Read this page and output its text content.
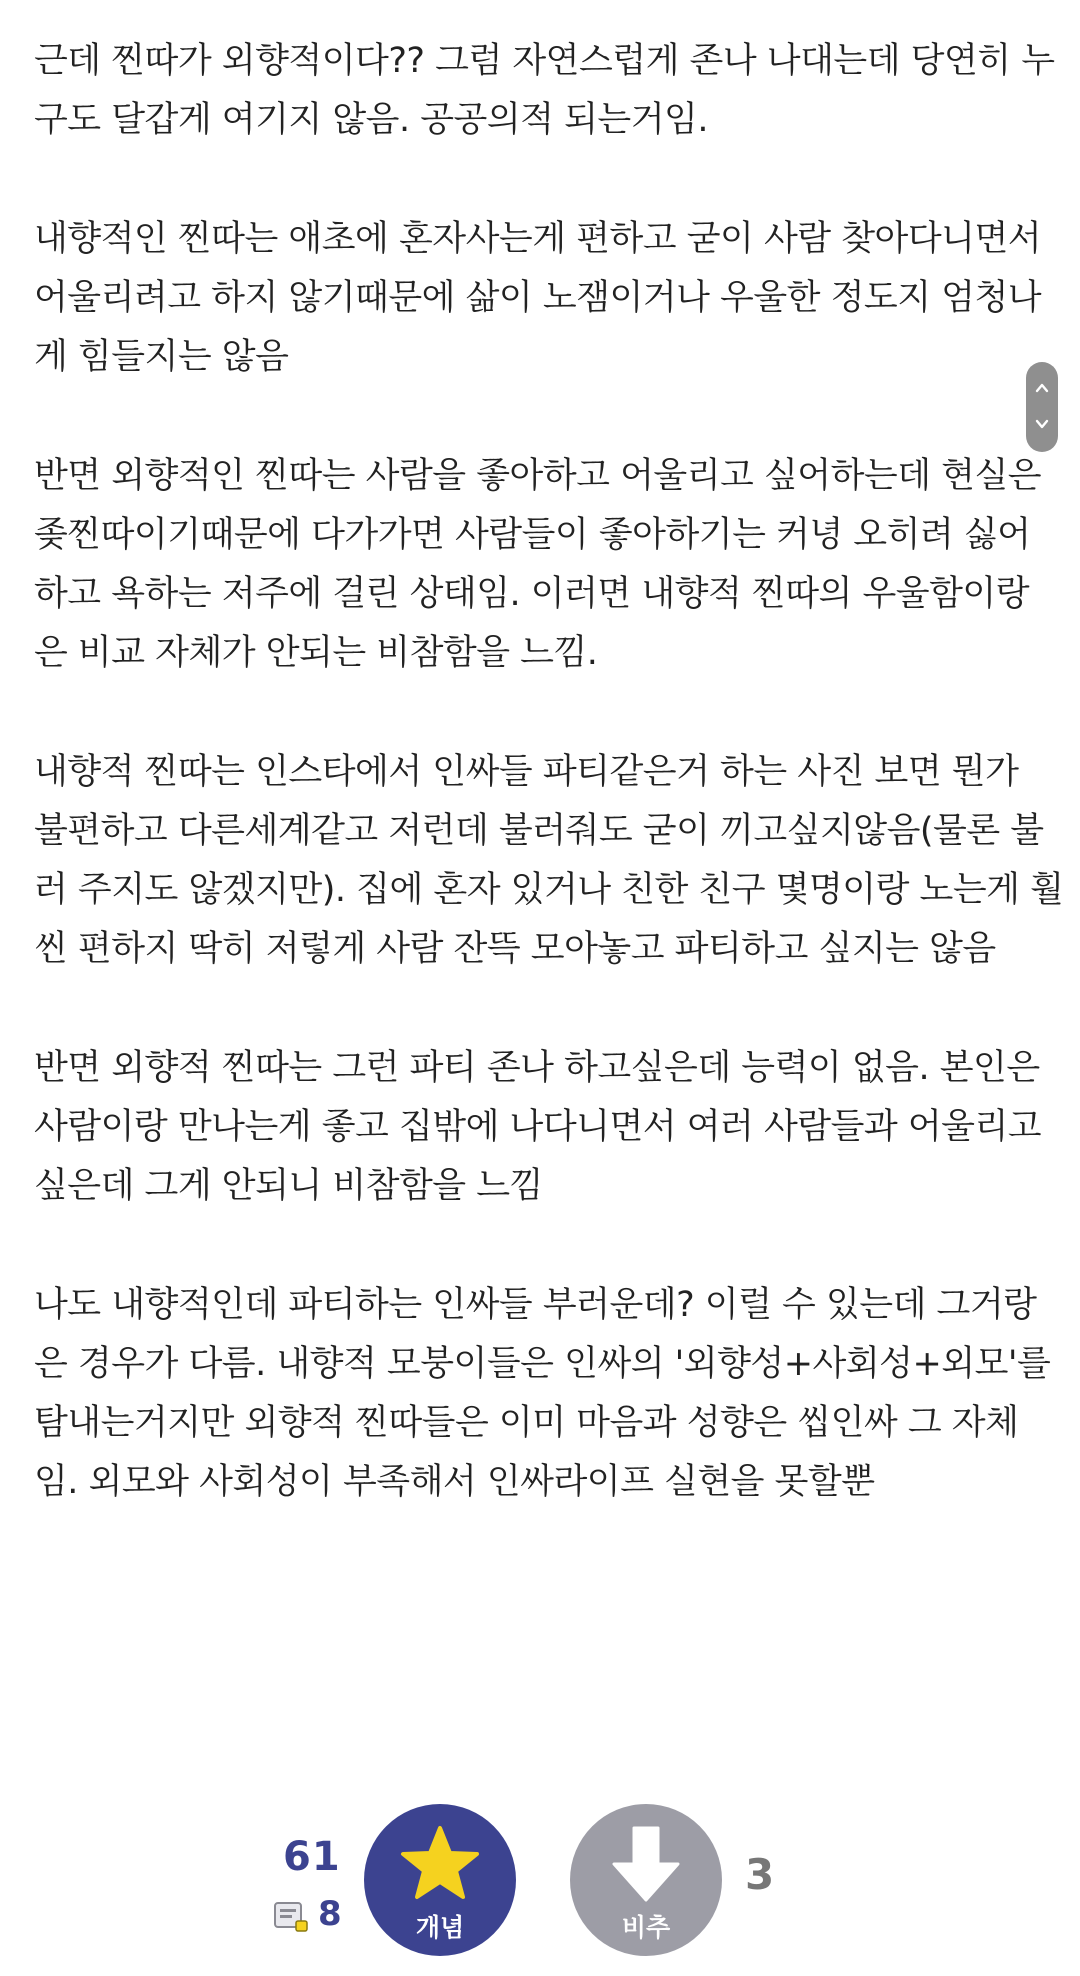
근데 찐따가 외향적이다?? 그럼 자연스럽게 존나 나대는데 당연히 누
구도 달갑게 여기지 않음. 공공의적 되는거임.
내향적인 찐따는 애초에 혼자사는게 편하고 굳이 사람 찾아다니면서
어울리려고 하지 않기때문에 삶이 노잼이거나 우울한 정도지 엄청나
게 힘들지는 않음
반면 외향적인 찐따는 사람을 좋아하고 어울리고 싶어하는데 현실은
좆찐따이기때문에 다가가면 사람들이 좋아하기는 커녕 오히려 싫어
하고 욕하는 저주에 걸린 상태임. 이러면 내향적 찐따의 우울함이랑
은 비교 자체가 안되는 비참함을 느낌.
내향적 찐따는 인스타에서 인싸들 파티같은거 하는 사진 보면 뭔가
불편하고 다른세계같고 저런데 불러줘도 굳이 끼고싶지않음(물론 불
러 주지도 않겠지만). 집에 혼자 있거나 친한 친구 몇명이랑 노는게 훨
씬 편하지 딱히 저렇게 사람 잔뜩 모아놓고 파티하고 싶지는 않음
반면 외향적 찐따는 그런 파티 존나 하고싶은데 능력이 없음. 본인은
사람이랑 만나는게 좋고 집밖에 나다니면서 여러 사람들과 어울리고
싶은데 그게 안되니 비참함을 느낌
나도 내향적인데 파티하는 인싸들 부러운데? 이럴 수 있는데 그거랑
은 경우가 다름. 내향적 모붕이들은 인싸의 '외향성+사회성+외모'를
탐내는거지만 외향적 찐따들은 이미 마음과 성향은 씹인싸 그 자체
임. 외모와 사회성이 부족해서 인싸라이프 실현을 못할뿐
61
8	개념	비추
3
